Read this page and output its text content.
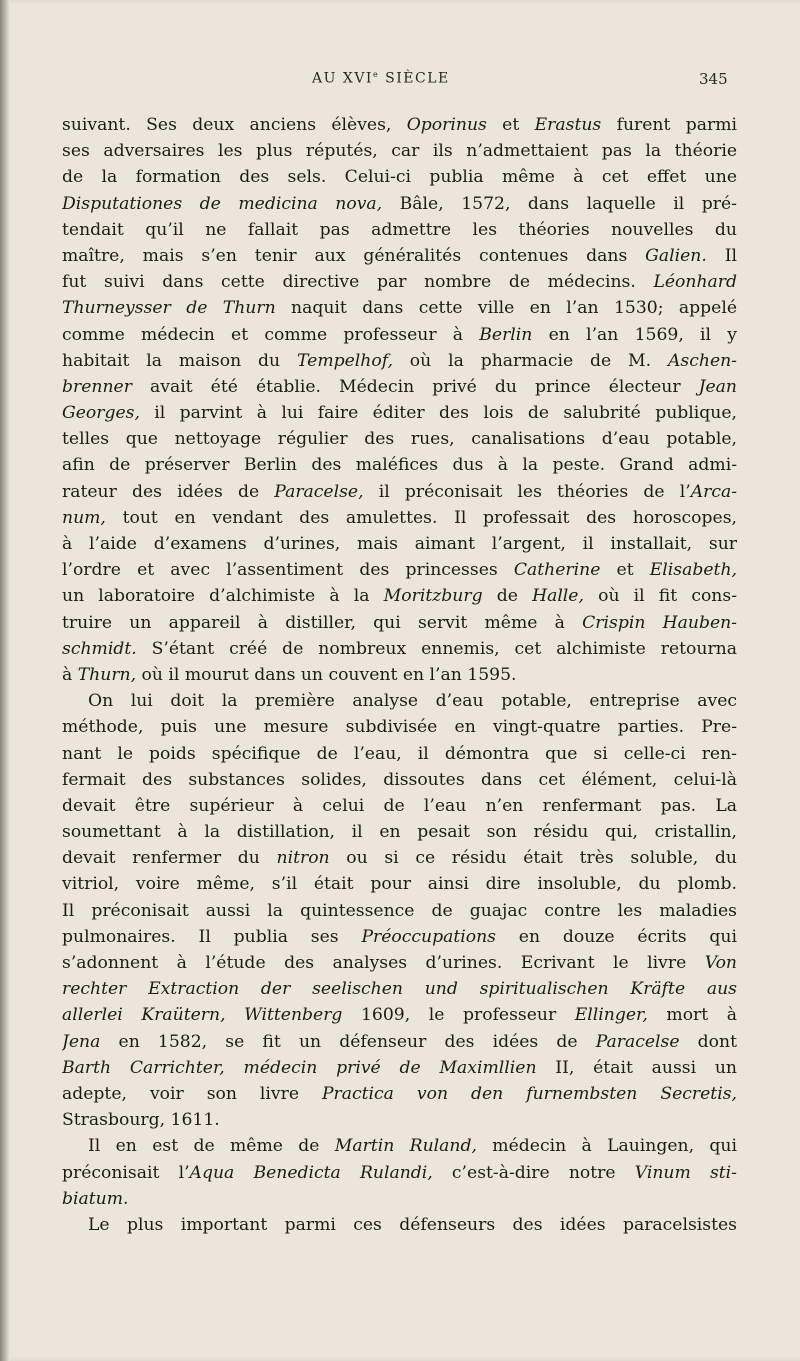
AU XVIe SIÈCLE	345
suivant. Ses deux anciens élèves, Oporinus et Erastus furent parmi
ses adversaires les plus réputés, car ils n’admettaient pas la théorie
de la formation des sels. Celui-ci publia même à cet effet une
Disputationes de medicina nova, Bâle, 1572, dans laquelle il pré-
tendait qu’il ne fallait pas admettre les théories nouvelles du
maître, mais s’en tenir aux généralités contenues dans Galien. Il
fut suivi dans cette directive par nombre de médecins. Léonhard
Thurneysser de Thurn naquit dans cette ville en l’an 1530; appelé
comme médecin et comme professeur à Berlin en l’an 1569, il y
habitait la maison du Tempelhof, où la pharmacie de M. Aschen-
brenner avait été établie. Médecin privé du prince électeur Jean
Georges, il parvint à lui faire éditer des lois de salubrité publique,
telles que nettoyage régulier des rues, canalisations d’eau potable,
afin de préserver Berlin des maléfices dus à la peste. Grand admi-
rateur des idées de Paracelse, il préconisait les théories de l’Arca-
num, tout en vendant des amulettes. Il professait des horoscopes,
à l’aide d’examens d’urines, mais aimant l’argent, il installait, sur
l’ordre et avec l’assentiment des princesses Catherine et Elisabeth,
un laboratoire d’alchimiste à la Moritzburg de Halle, où il fit cons-
truire un appareil à distiller, qui servit même à Crispin Hauben-
schmidt. S’étant créé de nombreux ennemis, cet alchimiste retourna
à Thurn, où il mourut dans un couvent en l’an 1595.
On lui doit la première analyse d’eau potable, entreprise avec
méthode, puis une mesure subdivisée en vingt-quatre parties. Pre-
nant le poids spécifique de l’eau, il démontra que si celle-ci ren-
fermait des substances solides, dissoutes dans cet élément, celui-là
devait être supérieur à celui de l’eau n’en renfermant pas. La
soumettant à la distillation, il en pesait son résidu qui, cristallin,
devait renfermer du nitron ou si ce résidu était très soluble, du
vitriol, voire même, s’il était pour ainsi dire insoluble, du plomb.
Il préconisait aussi la quintessence de guajac contre les maladies
pulmonaires. Il publia ses Préoccupations en douze écrits qui
s’adonnent à l’étude des analyses d’urines. Ecrivant le livre Von
rechter Extraction der seelischen und spiritualischen Kräfte aus
allerlei Kraütern, Wittenberg 1609, le professeur Ellinger, mort à
Jena en 1582, se fit un défenseur des idées de Paracelse dont
Barth Carrichter, médecin privé de Maximllien II, était aussi un
adepte, voir son livre Practica von den furnembsten Secretis,
Strasbourg, 1611.
Il en est de même de Martin Ruland, médecin à Lauingen, qui
préconisait l’Aqua Benedicta Rulandi, c’est-à-dire notre Vinum sti-
biatum.
Le plus important parmi ces défenseurs des idées paracelsistes
